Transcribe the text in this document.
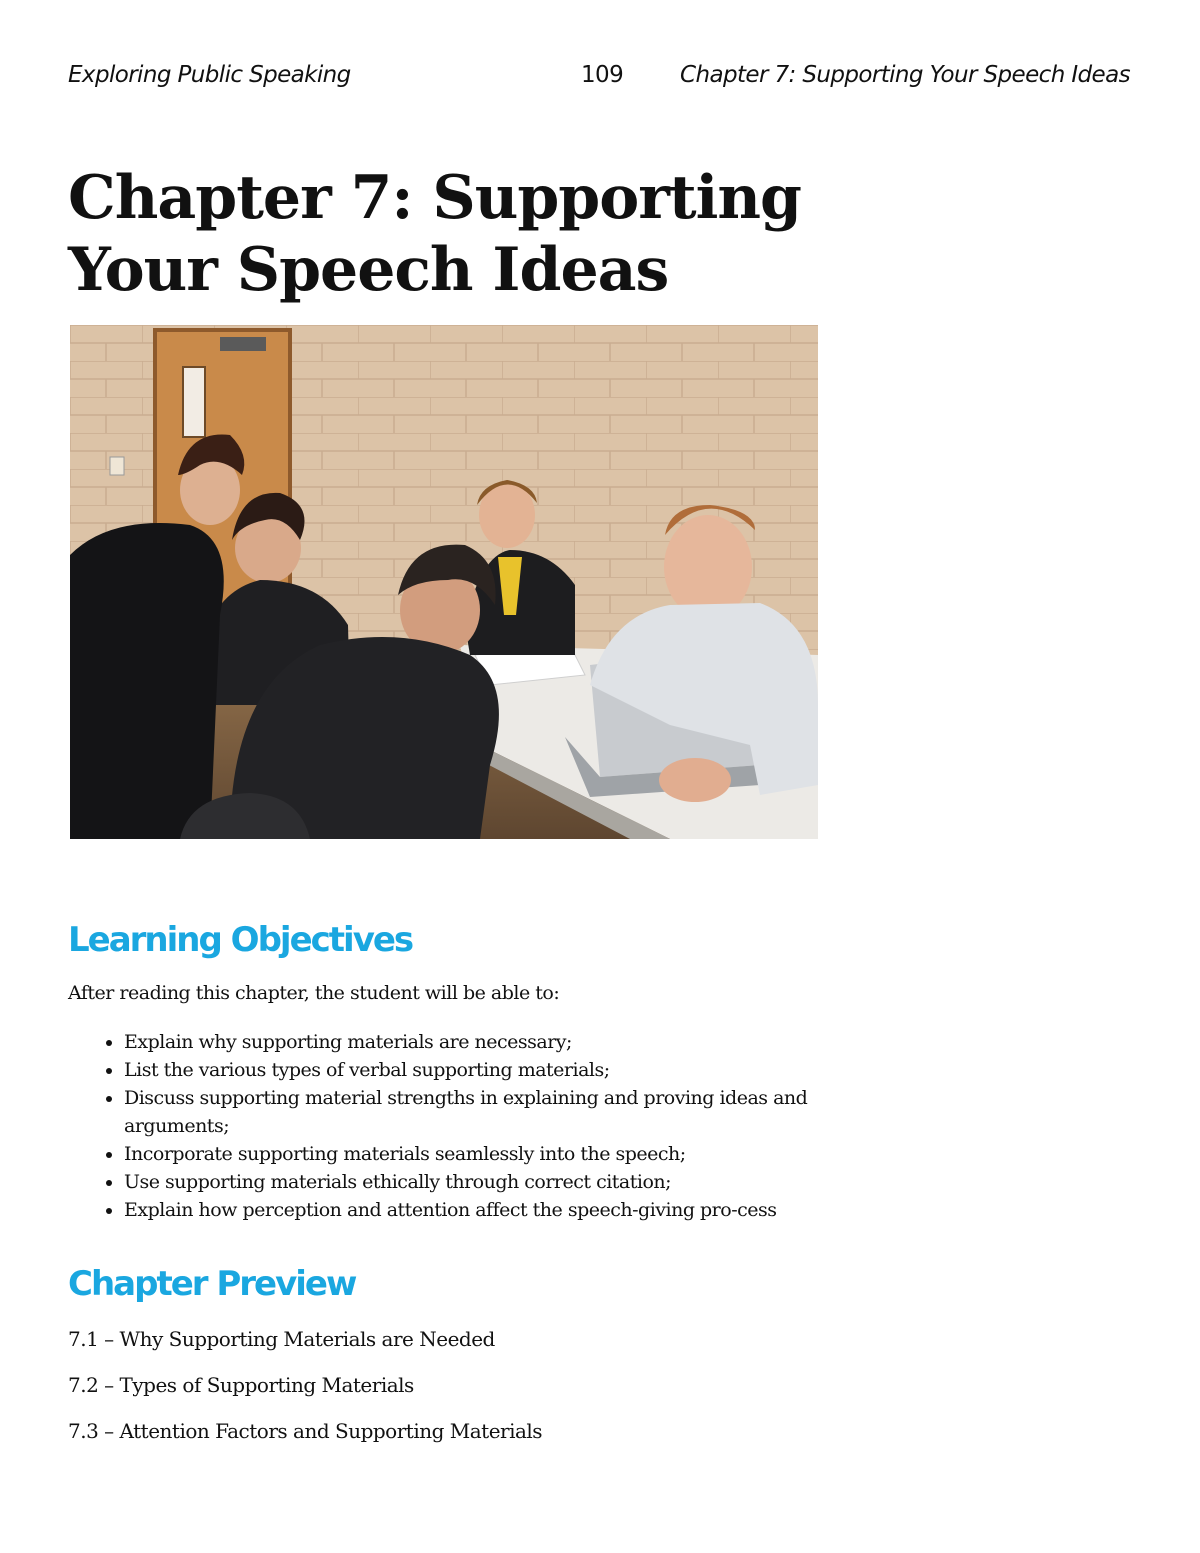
Exploring Public Speaking	109 Chapter 7: Supporting Your Speech Ideas
Chapter 7: Supporting
Your Speech Ideas
Learning Objectives

After reading this chapter, the student will be able to:

• Explain why supporting materials are necessary;
• List the various types of verbal supporting materials;
• Discuss supporting material strengths in explaining and proving ideas and arguments;
• Incorporate supporting materials seamlessly into the speech;
• Use supporting materials ethically through correct citation;
• Explain how perception and attention affect the speech-giving pro-cess
Chapter Preview

7.1 – Why Supporting Materials are Needed

7.2 – Types of Supporting Materials

7.3 – Attention Factors and Supporting Materials
